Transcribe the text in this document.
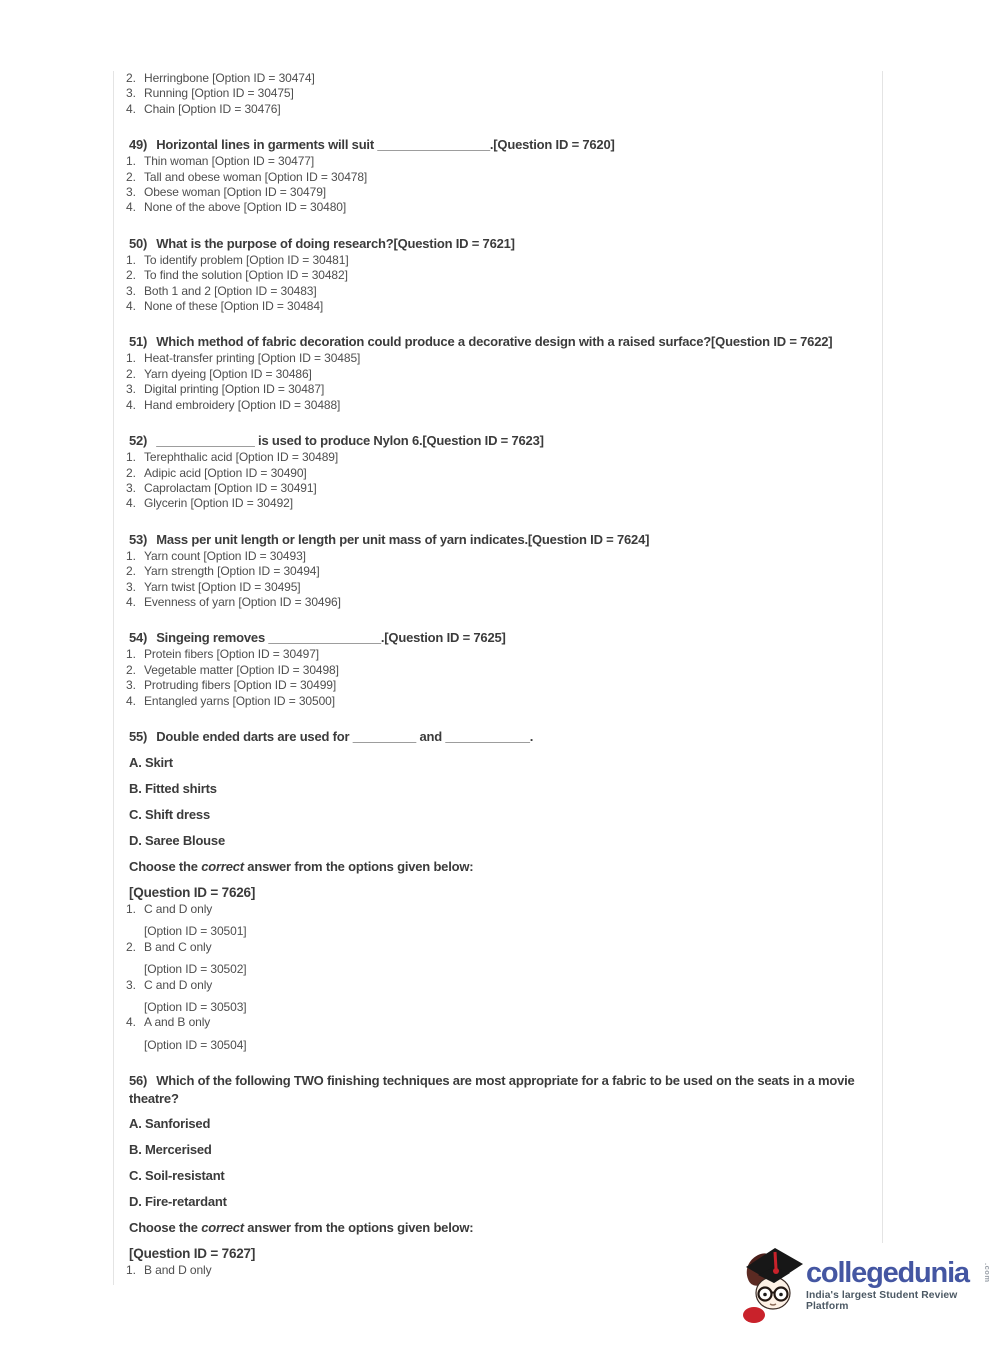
2. Herringbone [Option ID = 30474]
3. Running [Option ID = 30475]
4. Chain [Option ID = 30476]
49) Horizontal lines in garments will suit ________________.[Question ID = 7620]
1. Thin woman [Option ID = 30477]
2. Tall and obese woman [Option ID = 30478]
3. Obese woman [Option ID = 30479]
4. None of the above [Option ID = 30480]
50) What is the purpose of doing research?[Question ID = 7621]
1. To identify problem [Option ID = 30481]
2. To find the solution [Option ID = 30482]
3. Both 1 and 2 [Option ID = 30483]
4. None of these [Option ID = 30484]
51) Which method of fabric decoration could produce a decorative design with a raised surface?[Question ID = 7622]
1. Heat-transfer printing [Option ID = 30485]
2. Yarn dyeing [Option ID = 30486]
3. Digital printing [Option ID = 30487]
4. Hand embroidery [Option ID = 30488]
52) ______________ is used to produce Nylon 6.[Question ID = 7623]
1. Terephthalic acid [Option ID = 30489]
2. Adipic acid [Option ID = 30490]
3. Caprolactam [Option ID = 30491]
4. Glycerin [Option ID = 30492]
53) Mass per unit length or length per unit mass of yarn indicates.[Question ID = 7624]
1. Yarn count [Option ID = 30493]
2. Yarn strength [Option ID = 30494]
3. Yarn twist [Option ID = 30495]
4. Evenness of yarn [Option ID = 30496]
54) Singeing removes ________________.[Question ID = 7625]
1. Protein fibers [Option ID = 30497]
2. Vegetable matter [Option ID = 30498]
3. Protruding fibers [Option ID = 30499]
4. Entangled yarns [Option ID = 30500]
55) Double ended darts are used for _________ and ____________.
A. Skirt
B. Fitted shirts
C. Shift dress
D. Saree Blouse
Choose the correct answer from the options given below:
[Question ID = 7626]
1. C and D only
[Option ID = 30501]
2. B and C only
[Option ID = 30502]
3. C and D only
[Option ID = 30503]
4. A and B only
[Option ID = 30504]
56) Which of the following TWO finishing techniques are most appropriate for a fabric to be used on the seats in a movie theatre?
A. Sanforised
B. Mercerised
C. Soil-resistant
D. Fire-retardant
Choose the correct answer from the options given below:
[Question ID = 7627]
1. B and D only	collegedunia	.com
India's largest Student Review Platform
